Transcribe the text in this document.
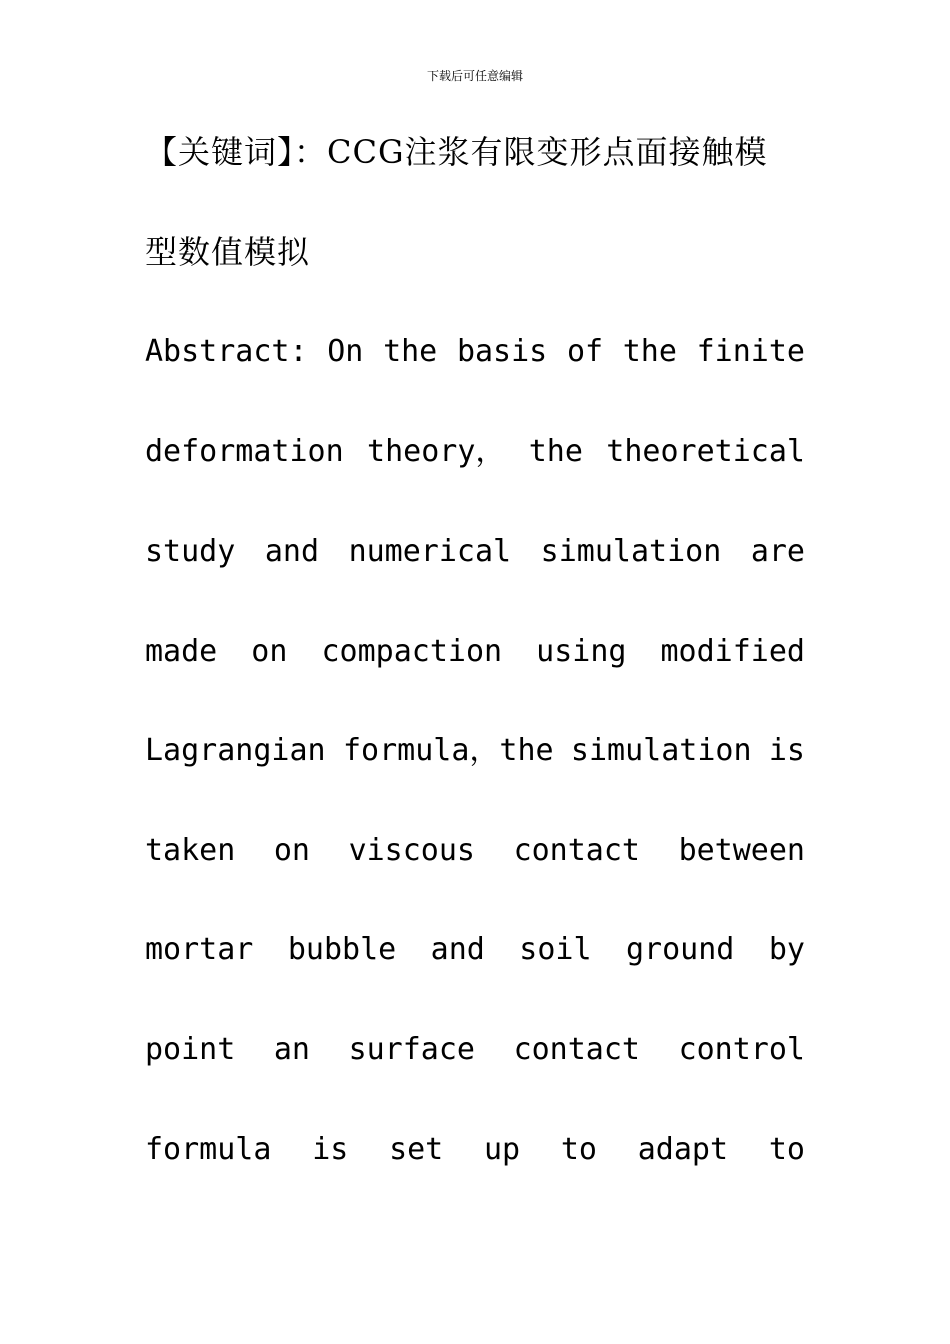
下载后可任意编辑
【关键词】：CCG注浆有限变形点面接触模
型数值模拟
Abstract: On the basis of the finite
deformation theory， the theoretical
study and numerical simulation are
made on compaction using modified
Lagrangian formula，the simulation is
taken on viscous contact between
mortar bubble and soil ground by
point an surface contact control
formula is set up to adapt to
